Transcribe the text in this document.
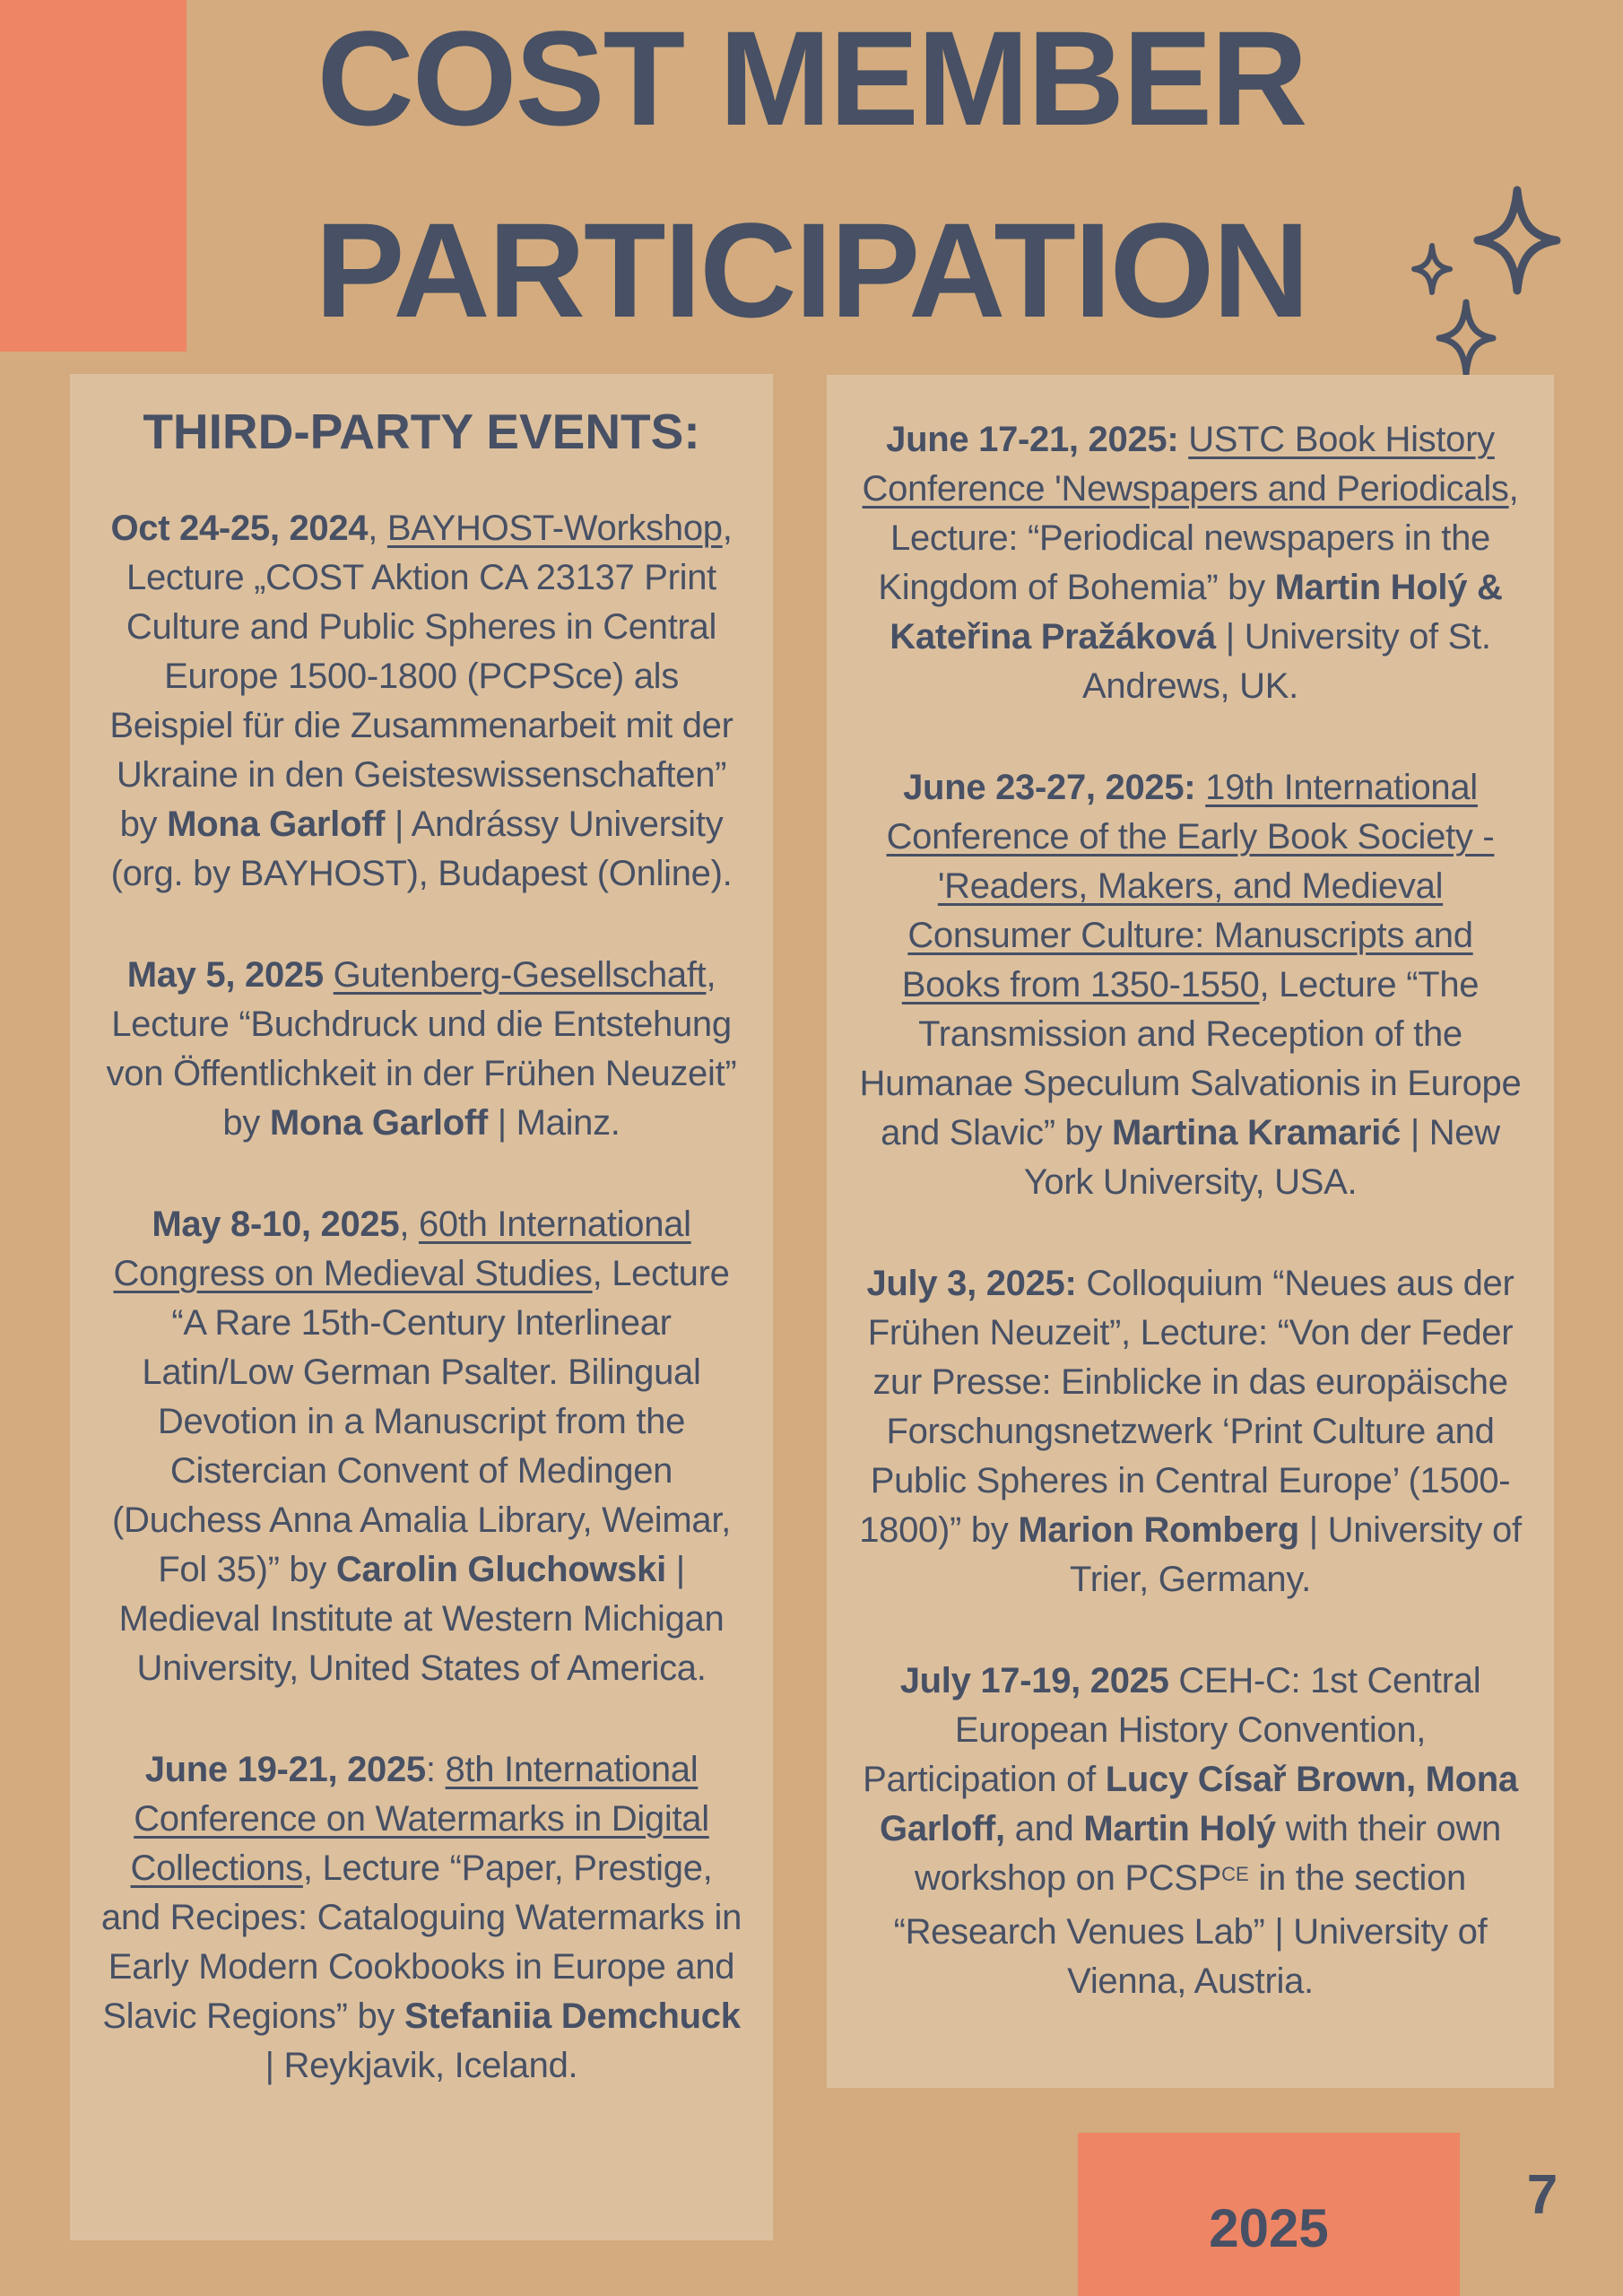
COST MEMBER
PARTICIPATION
THIRD-PARTY EVENTS:

Oct 24-25, 2024, BAYHOST-Workshop, Lecture „COST Aktion CA 23137 Print Culture and Public Spheres in Central Europe 1500-1800 (PCPSce) als Beispiel für die Zusammenarbeit mit der Ukraine in den Geisteswissenschaften” by Mona Garloff | Andrássy University (org. by BAYHOST), Budapest (Online).

May 5, 2025 Gutenberg-Gesellschaft, Lecture “Buchdruck und die Entstehung von Öffentlichkeit in der Frühen Neuzeit” by Mona Garloff | Mainz.

May 8-10, 2025, 60th International Congress on Medieval Studies, Lecture “A Rare 15th-Century Interlinear Latin/Low German Psalter. Bilingual Devotion in a Manuscript from the Cistercian Convent of Medingen (Duchess Anna Amalia Library, Weimar, Fol 35)” by Carolin Gluchowski | Medieval Institute at Western Michigan University, United States of America.

June 19-21, 2025: 8th International Conference on Watermarks in Digital Collections, Lecture “Paper, Prestige, and Recipes: Cataloguing Watermarks in Early Modern Cookbooks in Europe and Slavic Regions” by Stefaniia Demchuck | Reykjavik, Iceland.

June 17-21, 2025: USTC Book History Conference 'Newspapers and Periodicals, Lecture: “Periodical newspapers in the Kingdom of Bohemia” by Martin Holý & Kateřina Pražáková | University of St. Andrews, UK.

June 23-27, 2025: 19th International Conference of the Early Book Society - 'Readers, Makers, and Medieval Consumer Culture: Manuscripts and Books from 1350-1550, Lecture “The Transmission and Reception of the Humanae Speculum Salvationis in Europe and Slavic” by Martina Kramarić | New York University, USA.

July 3, 2025: Colloquium “Neues aus der Frühen Neuzeit”, Lecture: “Von der Feder zur Presse: Einblicke in das europäische Forschungsnetzwerk ‘Print Culture and Public Spheres in Central Europe’ (1500-1800)” by Marion Romberg | University of Trier, Germany.

July 17-19, 2025 CEH-C: 1st Central European History Convention, Participation of Lucy Císař Brown, Mona Garloff, and Martin Holý with their own workshop on $PCSP^{CE}$ in the section “Research Venues Lab” | University of Vienna, Austria.

2025
7
